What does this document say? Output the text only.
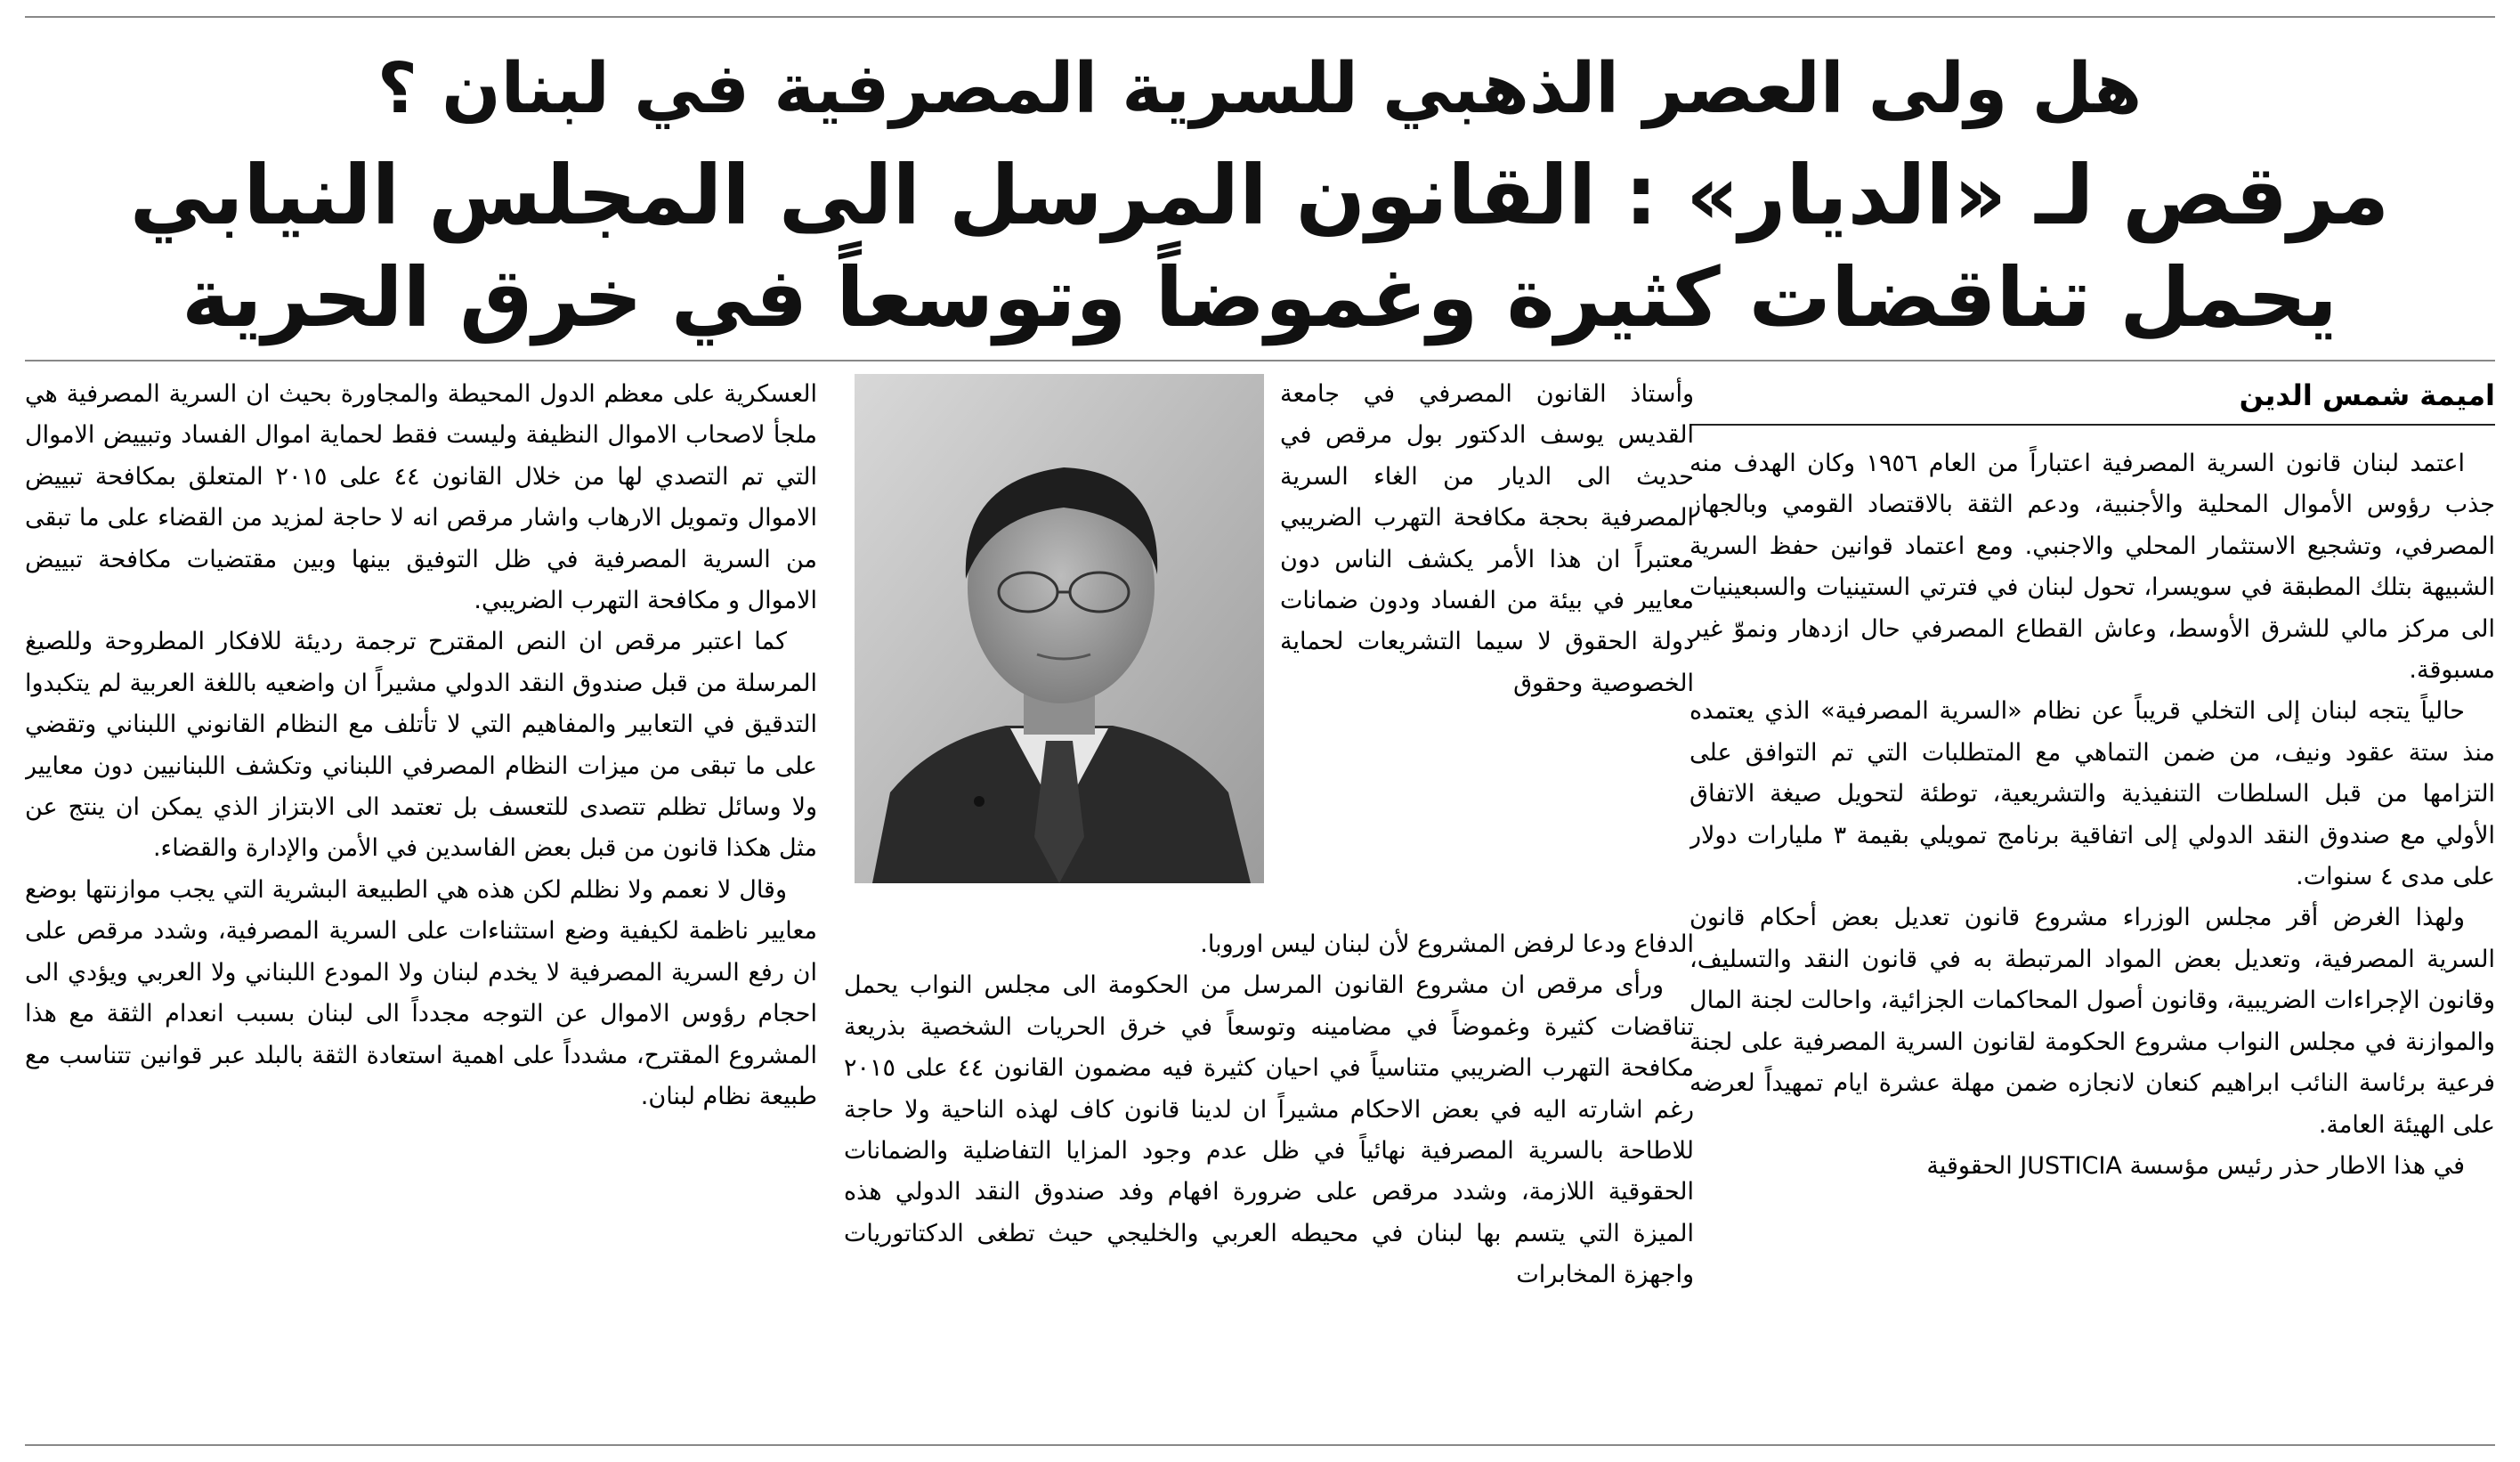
هل ولى العصر الذهبي للسرية المصرفية في لبنان ؟
مرقص لـ «الديار» : القانون المرسل الى المجلس النيابي
يحمل تناقضات كثيرة وغموضاً وتوسعاً في خرق الحرية

اميمة شمس الدين

اعتمد لبنان قانون السرية المصرفية اعتباراً من العام ١٩٥٦ وكان الهدف منه جذب رؤوس الأموال المحلية والأجنبية، ودعم الثقة بالاقتصاد القومي وبالجهاز المصرفي، وتشجيع الاستثمار المحلي والاجنبي. ومع اعتماد قوانين حفظ السرية الشبيهة بتلك المطبقة في سويسرا، تحول لبنان في فترتي الستينيات والسبعينيات الى مركز مالي للشرق الأوسط، وعاش القطاع المصرفي حال ازدهار ونموّ غير مسبوقة.

حالياً يتجه لبنان إلى التخلي قريباً عن نظام «السرية المصرفية» الذي يعتمده منذ ستة عقود ونيف، من ضمن التماهي مع المتطلبات التي تم التوافق على التزامها من قبل السلطات التنفيذية والتشريعية، توطئة لتحويل صيغة الاتفاق الأولي مع صندوق النقد الدولي إلى اتفاقية برنامج تمويلي بقيمة ٣ مليارات دولار على مدى ٤ سنوات.

ولهذا الغرض أقر مجلس الوزراء مشروع قانون تعديل بعض أحكام قانون السرية المصرفية، وتعديل بعض المواد المرتبطة به في قانون النقد والتسليف، وقانون الإجراءات الضريبية، وقانون أصول المحاكمات الجزائية، واحالت لجنة المال والموازنة في مجلس النواب مشروع الحكومة لقانون السرية المصرفية على لجنة فرعية برئاسة النائب ابراهيم كنعان لانجازه ضمن مهلة عشرة ايام تمهيداً لعرضه على الهيئة العامة.

في هذا الاطار حذر رئيس مؤسسة JUSTICIA الحقوقية

وأستاذ القانون المصرفي في جامعة القديس يوسف الدكتور بول مرقص في حديث الى الديار من الغاء السرية المصرفية بحجة مكافحة التهرب الضريبي معتبراً ان هذا الأمر يكشف الناس دون معايير في بيئة من الفساد ودون ضمانات دولة الحقوق لا سيما التشريعات لحماية الخصوصية وحقوق

الدفاع ودعا لرفض المشروع لأن لبنان ليس اوروبا.

ورأى مرقص ان مشروع القانون المرسل من الحكومة الى مجلس النواب يحمل تناقضات كثيرة وغموضاً في مضامينه وتوسعاً في خرق الحريات الشخصية بذريعة مكافحة التهرب الضريبي متناسياً في احيان كثيرة فيه مضمون القانون ٤٤ على ٢٠١٥ رغم اشارته اليه في بعض الاحكام مشيراً ان لدينا قانون كاف لهذه الناحية ولا حاجة للاطاحة بالسرية المصرفية نهائياً في ظل عدم وجود المزايا التفاضلية والضمانات الحقوقية اللازمة، وشدد مرقص على ضرورة افهام وفد صندوق النقد الدولي هذه الميزة التي يتسم بها لبنان في محيطه العربي والخليجي حيث تطغى الدكتاتوريات واجهزة المخابرات

العسكرية على معظم الدول المحيطة والمجاورة بحيث ان السرية المصرفية هي ملجأ لاصحاب الاموال النظيفة وليست فقط لحماية اموال الفساد وتبييض الاموال التي تم التصدي لها من خلال القانون ٤٤ على ٢٠١٥ المتعلق بمكافحة تبييض الاموال وتمويل الارهاب واشار مرقص انه لا حاجة لمزيد من القضاء على ما تبقى من السرية المصرفية في ظل التوفيق بينها وبين مقتضيات مكافحة تبييض الاموال و مكافحة التهرب الضريبي.

كما اعتبر مرقص ان النص المقترح ترجمة رديئة للافكار المطروحة وللصيغ المرسلة من قبل صندوق النقد الدولي مشيراً ان واضعيه باللغة العربية لم يتكبدوا التدقيق في التعابير والمفاهيم التي لا تأتلف مع النظام القانوني اللبناني وتقضي على ما تبقى من ميزات النظام المصرفي اللبناني وتكشف اللبنانيين دون معايير ولا وسائل تظلم تتصدى للتعسف بل تعتمد الى الابتزاز الذي يمكن ان ينتج عن مثل هكذا قانون من قبل بعض الفاسدين في الأمن والإدارة والقضاء.

وقال لا نعمم ولا نظلم لكن هذه هي الطبيعة البشرية التي يجب موازنتها بوضع معايير ناظمة لكيفية وضع استثناءات على السرية المصرفية، وشدد مرقص على ان رفع السرية المصرفية لا يخدم لبنان ولا المودع اللبناني ولا العربي ويؤدي الى احجام رؤوس الاموال عن التوجه مجدداً الى لبنان بسبب انعدام الثقة مع هذا المشروع المقترح، مشدداً على اهمية استعادة الثقة بالبلد عبر قوانين تتناسب مع طبيعة نظام لبنان.
